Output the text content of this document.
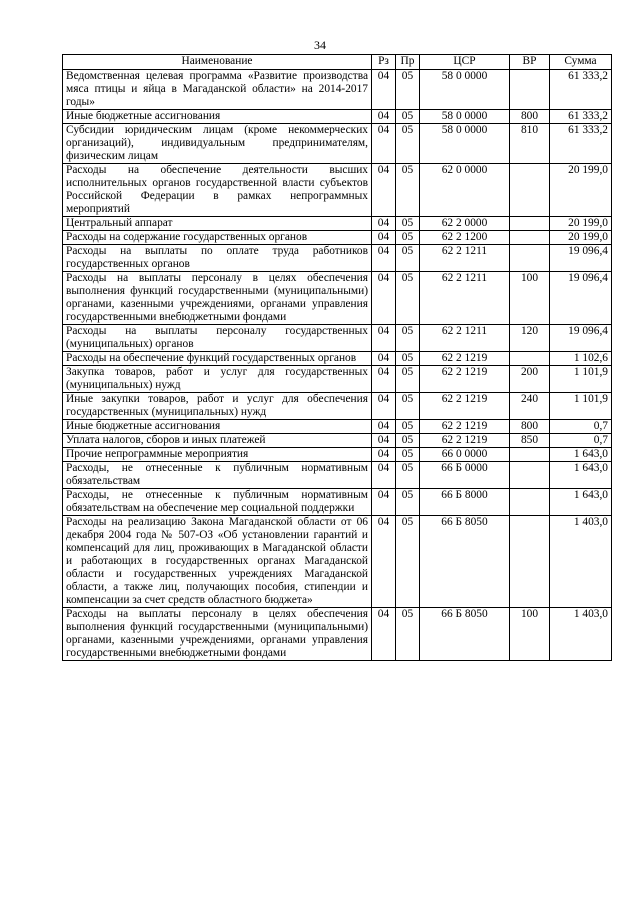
34
Наименование	Рз	Пр	ЦСР	ВР	Сумма
Ведомственная целевая программа «Развитие производства мяса птицы и яйца в Магаданской области» на 2014-2017 годы»	04	05	58 0 0000		61 333,2
Иные бюджетные ассигнования	04	05	58 0 0000	800	61 333,2
Субсидии юридическим лицам (кроме некоммерческих организаций), индивидуальным предпринимателям, физическим лицам	04	05	58 0 0000	810	61 333,2
Расходы на обеспечение деятельности высших исполнительных органов государственной власти субъектов Российской Федерации в рамках непрограммных мероприятий	04	05	62 0 0000		20 199,0
Центральный аппарат	04	05	62 2 0000		20 199,0
Расходы на содержание государственных органов	04	05	62 2 1200		20 199,0
Расходы на выплаты по оплате труда работников государственных органов	04	05	62 2 1211		19 096,4
Расходы на выплаты персоналу в целях обеспечения выполнения функций государственными (муниципальными) органами, казенными учреждениями, органами управления государственными внебюджетными фондами	04	05	62 2 1211	100	19 096,4
Расходы на выплаты персоналу государственных (муниципальных) органов	04	05	62 2 1211	120	19 096,4
Расходы на обеспечение функций государственных органов	04	05	62 2 1219		1 102,6
Закупка товаров, работ и услуг для государственных (муниципальных) нужд	04	05	62 2 1219	200	1 101,9
Иные закупки товаров, работ и услуг для обеспечения государственных (муниципальных) нужд	04	05	62 2 1219	240	1 101,9
Иные бюджетные ассигнования	04	05	62 2 1219	800	0,7
Уплата налогов, сборов и иных платежей	04	05	62 2 1219	850	0,7
Прочие непрограммные мероприятия	04	05	66 0 0000		1 643,0
Расходы, не отнесенные к публичным нормативным обязательствам	04	05	66 Б 0000		1 643,0
Расходы, не отнесенные к публичным нормативным обязательствам на обеспечение мер социальной поддержки	04	05	66 Б 8000		1 643,0
Расходы на реализацию Закона Магаданской области от 06 декабря 2004 года № 507-ОЗ «Об установлении гарантий и компенсаций для лиц, проживающих в Магаданской области и работающих в государственных органах Магаданской области и государственных учреждениях Магаданской области, а также лиц, получающих пособия, стипендии и компенсации за счет средств областного бюджета»	04	05	66 Б 8050		1 403,0
Расходы на выплаты персоналу в целях обеспечения выполнения функций государственными (муниципальными) органами, казенными учреждениями, органами управления государственными внебюджетными фондами	04	05	66 Б 8050	100	1 403,0
